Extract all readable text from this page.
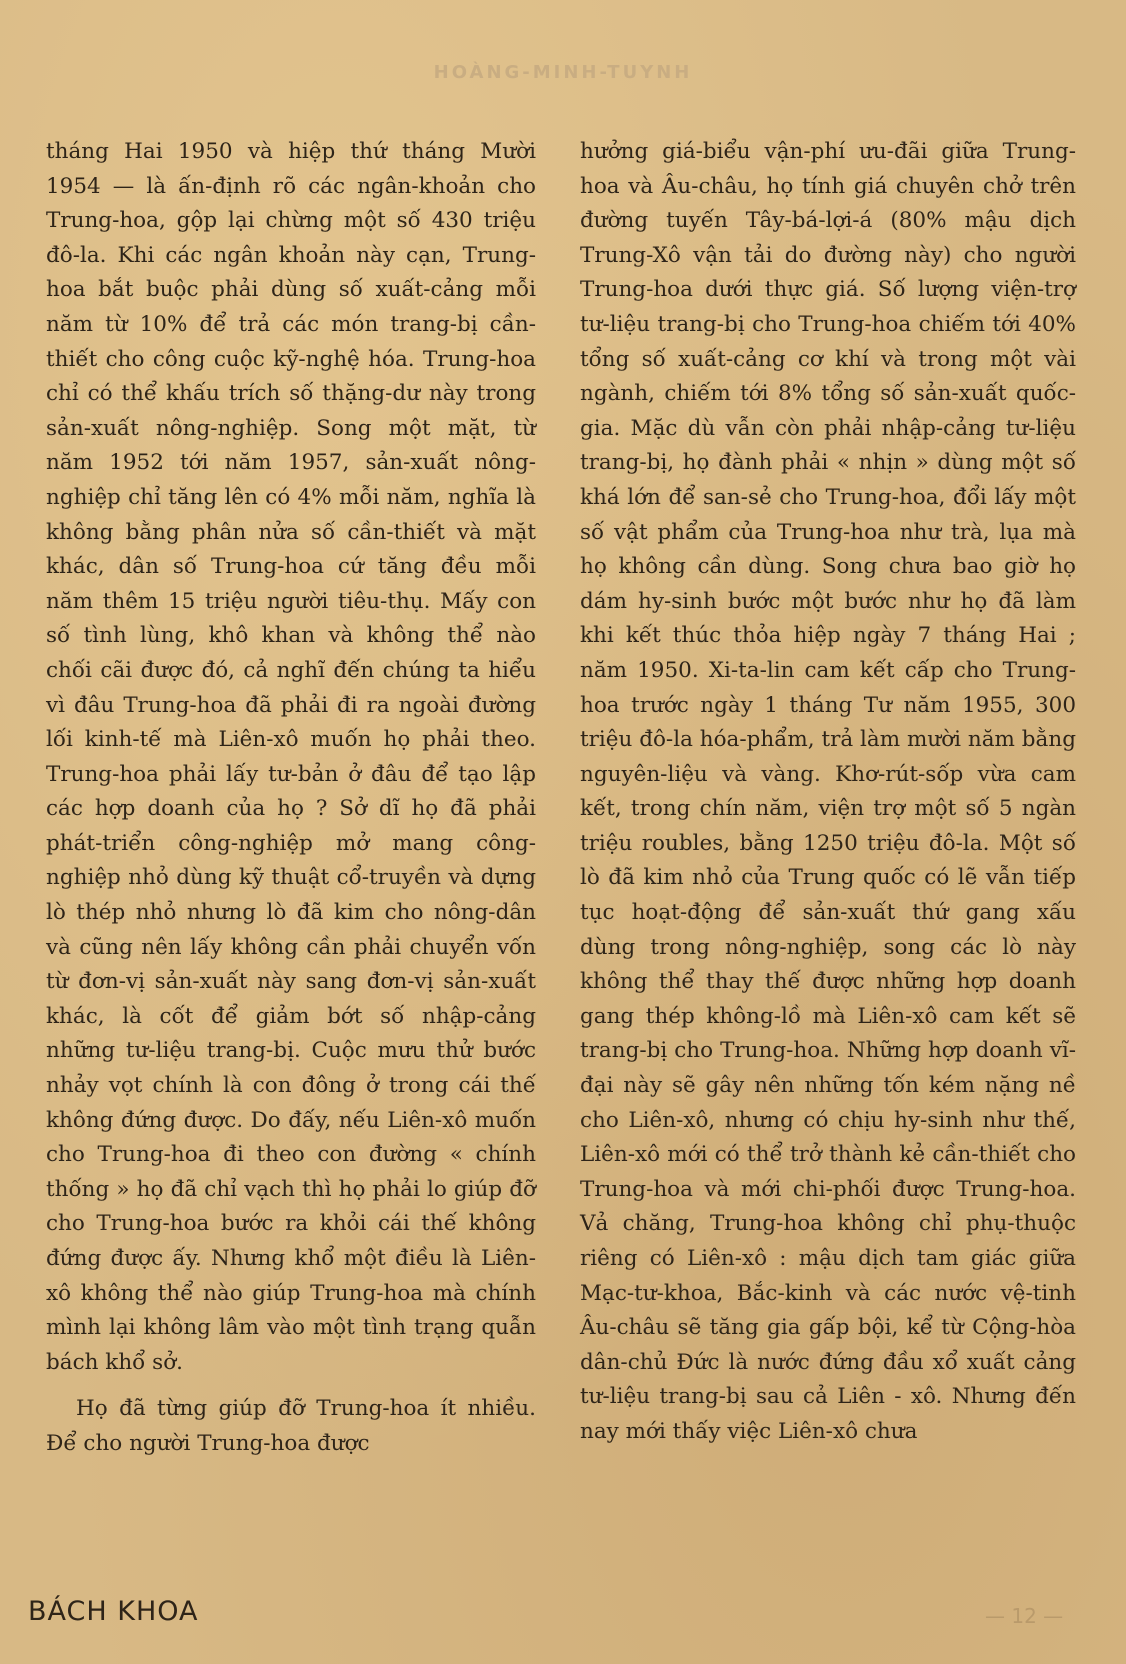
HOÀNG-MINH-TUYNH

tháng Hai 1950 và hiệp thứ tháng Mười 1954 — là ấn-định rõ các ngân-khoản cho Trung-hoa, gộp lại chừng một số 430 triệu đô-la. Khi các ngân khoản này cạn, Trung-hoa bắt buộc phải dùng số xuất-cảng mỗi năm từ 10% để trả các món trang-bị cần-thiết cho công cuộc kỹ-nghệ hóa. Trung-hoa chỉ có thể khấu trích số thặng-dư này trong sản-xuất nông-nghiệp. Song một mặt, từ năm 1952 tới năm 1957, sản-xuất nông-nghiệp chỉ tăng lên có 4% mỗi năm, nghĩa là không bằng phân nửa số cần-thiết và mặt khác, dân số Trung-hoa cứ tăng đều mỗi năm thêm 15 triệu người tiêu-thụ. Mấy con số tình lùng, khô khan và không thể nào chối cãi được đó, cả nghĩ đến chúng ta hiểu vì đâu Trung-hoa đã phải đi ra ngoài đường lối kinh-tế mà Liên-xô muốn họ phải theo. Trung-hoa phải lấy tư-bản ở đâu để tạo lập các hợp doanh của họ ? Sở dĩ họ đã phải phát-triển công-nghiệp mở mang công-nghiệp nhỏ dùng kỹ thuật cổ-truyền và dựng lò thép nhỏ nhưng lò đã kim cho nông-dân và cũng nên lấy không cần phải chuyển vốn từ đơn-vị sản-xuất này sang đơn-vị sản-xuất khác, là cốt để giảm bớt số nhập-cảng những tư-liệu trang-bị. Cuộc mưu thử bước nhảy vọt chính là con đông ở trong cái thế không đứng được. Do đấy, nếu Liên-xô muốn cho Trung-hoa đi theo con đường « chính thống » họ đã chỉ vạch thì họ phải lo giúp đỡ cho Trung-hoa bước ra khỏi cái thế không đứng được ấy. Nhưng khổ một điều là Liên-xô không thể nào giúp Trung-hoa mà chính mình lại không lâm vào một tình trạng quẫn bách khổ sở.

Họ đã từng giúp đỡ Trung-hoa ít nhiều. Để cho người Trung-hoa được

hưởng giá-biểu vận-phí ưu-đãi giữa Trung-hoa và Âu-châu, họ tính giá chuyên chở trên đường tuyến Tây-bá-lợi-á (80% mậu dịch Trung-Xô vận tải do đường này) cho người Trung-hoa dưới thực giá. Số lượng viện-trợ tư-liệu trang-bị cho Trung-hoa chiếm tới 40% tổng số xuất-cảng cơ khí và trong một vài ngành, chiếm tới 8% tổng số sản-xuất quốc-gia. Mặc dù vẫn còn phải nhập-cảng tư-liệu trang-bị, họ đành phải « nhịn » dùng một số khá lớn để san-sẻ cho Trung-hoa, đổi lấy một số vật phẩm của Trung-hoa như trà, lụa mà họ không cần dùng. Song chưa bao giờ họ dám hy-sinh bước một bước như họ đã làm khi kết thúc thỏa hiệp ngày 7 tháng Hai ; năm 1950. Xi-ta-lin cam kết cấp cho Trung-hoa trước ngày 1 tháng Tư năm 1955, 300 triệu đô-la hóa-phẩm, trả làm mười năm bằng nguyên-liệu và vàng. Khơ-rút-sốp vừa cam kết, trong chín năm, viện trợ một số 5 ngàn triệu roubles, bằng 1250 triệu đô-la. Một số lò đã kim nhỏ của Trung quốc có lẽ vẫn tiếp tục hoạt-động để sản-xuất thứ gang xấu dùng trong nông-nghiệp, song các lò này không thể thay thế được những hợp doanh gang thép không-lồ mà Liên-xô cam kết sẽ trang-bị cho Trung-hoa. Những hợp doanh vĩ-đại này sẽ gây nên những tốn kém nặng nề cho Liên-xô, nhưng có chịu hy-sinh như thế, Liên-xô mới có thể trở thành kẻ cần-thiết cho Trung-hoa và mới chi-phối được Trung-hoa. Vả chăng, Trung-hoa không chỉ phụ-thuộc riêng có Liên-xô : mậu dịch tam giác giữa Mạc-tư-khoa, Bắc-kinh và các nước vệ-tinh Âu-châu sẽ tăng gia gấp bội, kể từ Cộng-hòa dân-chủ Đức là nước đứng đầu xổ xuất cảng tư-liệu trang-bị sau cả Liên - xô. Nhưng đến nay mới thấy việc Liên-xô chưa

BÁCH KHOA	— 12 —
